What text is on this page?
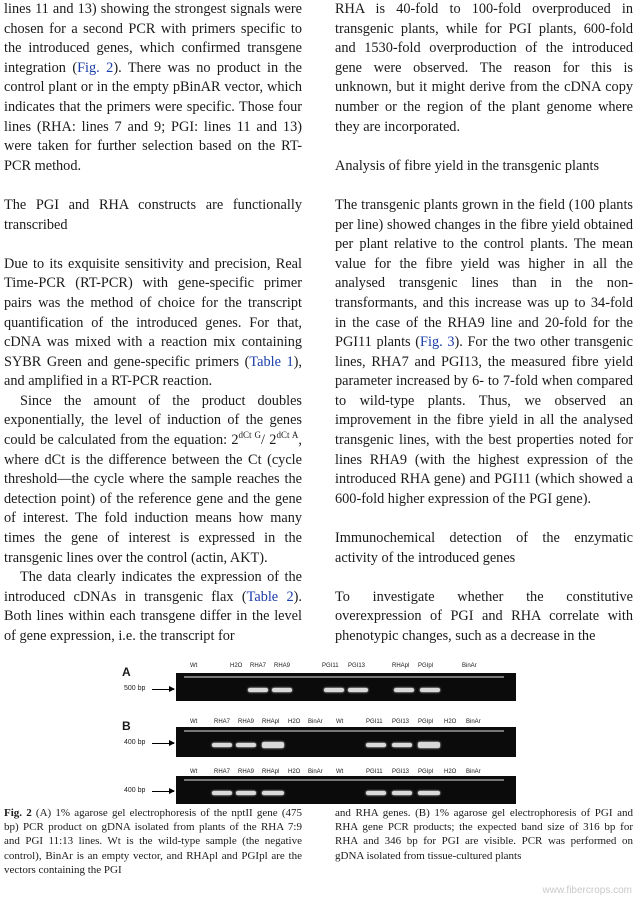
lines 11 and 13) showing the strongest signals were chosen for a second PCR with primers specific to the introduced genes, which confirmed transgene integration (Fig. 2). There was no product in the control plant or in the empty pBinAR vector, which indicates that the primers were specific. Those four lines (RHA: lines 7 and 9; PGI: lines 11 and 13) were taken for further selection based on the RT-PCR method.

The PGI and RHA constructs are functionally transcribed

Due to its exquisite sensitivity and precision, Real Time-PCR (RT-PCR) with gene-specific primer pairs was the method of choice for the transcript quantification of the introduced genes. For that, cDNA was mixed with a reaction mix containing SYBR Green and gene-specific primers (Table 1), and amplified in a RT-PCR reaction.

Since the amount of the product doubles exponentially, the level of induction of the genes could be calculated from the equation: $2^{dCt G}/$ $2^{dCt A}$, where dCt is the difference between the Ct (cycle threshold—the cycle where the sample reaches the detection point) of the reference gene and the gene of interest. The fold induction means how many times the gene of interest is expressed in the transgenic lines over the control (actin, AKT).

The data clearly indicates the expression of the introduced cDNAs in transgenic flax (Table 2). Both lines within each transgene differ in the level of gene expression, i.e. the transcript for

RHA is 40-fold to 100-fold overproduced in transgenic plants, while for PGI plants, 600-fold and 1530-fold overproduction of the introduced gene were observed. The reason for this is unknown, but it might derive from the cDNA copy number or the region of the plant genome where they are incorporated.

Analysis of fibre yield in the transgenic plants

The transgenic plants grown in the field (100 plants per line) showed changes in the fibre yield obtained per plant relative to the control plants. The mean value for the fibre yield was higher in all the analysed transgenic lines than in the non-transformants, and this increase was up to 34-fold in the case of the RHA9 line and 20-fold for the PGI11 plants (Fig. 3). For the two other transgenic lines, RHA7 and PGI13, the measured fibre yield parameter increased by 6- to 7-fold when compared to wild-type plants. Thus, we observed an improvement in the fibre yield in all the analysed transgenic lines, with the best properties noted for lines RHA9 (with the highest expression of the introduced RHA gene) and PGI11 (which showed a 600-fold higher expression of the PGI gene).

Immunochemical detection of the enzymatic activity of the introduced genes

To investigate whether the constitutive overexpression of PGI and RHA correlate with phenotypic changes, such as a decrease in the

A	Wt	H2O RHA7 RHA9	PGI11 PGI13	RHApl PGIpl	BinAr
500 bp
B	Wt	RHA7 RHA9 RHApl H2O BinAr Wt	PGI11 PGI13 PGIpl H2O BinAr
400 bp
Wt	RHA7 RHA9 RHApl H2O BinAr Wt	PGI11 PGI13 PGIpl H2O BinAr
400 bp
Fig. 2 (A) 1% agarose gel electrophoresis of the nptII gene (475 bp) PCR product on gDNA isolated from plants of the RHA 7:9 and PGI 11:13 lines. Wt is the wild-type sample (the negative control), BinAr is an empty vector, and RHApl and PGIpl are the vectors containing the PGI
and RHA genes. (B) 1% agarose gel electrophoresis of PGI and RHA gene PCR products; the expected band size of 316 bp for RHA and 346 bp for PGI are visible. PCR was performed on gDNA isolated from tissue-cultured plants
www.fibercrops.com
